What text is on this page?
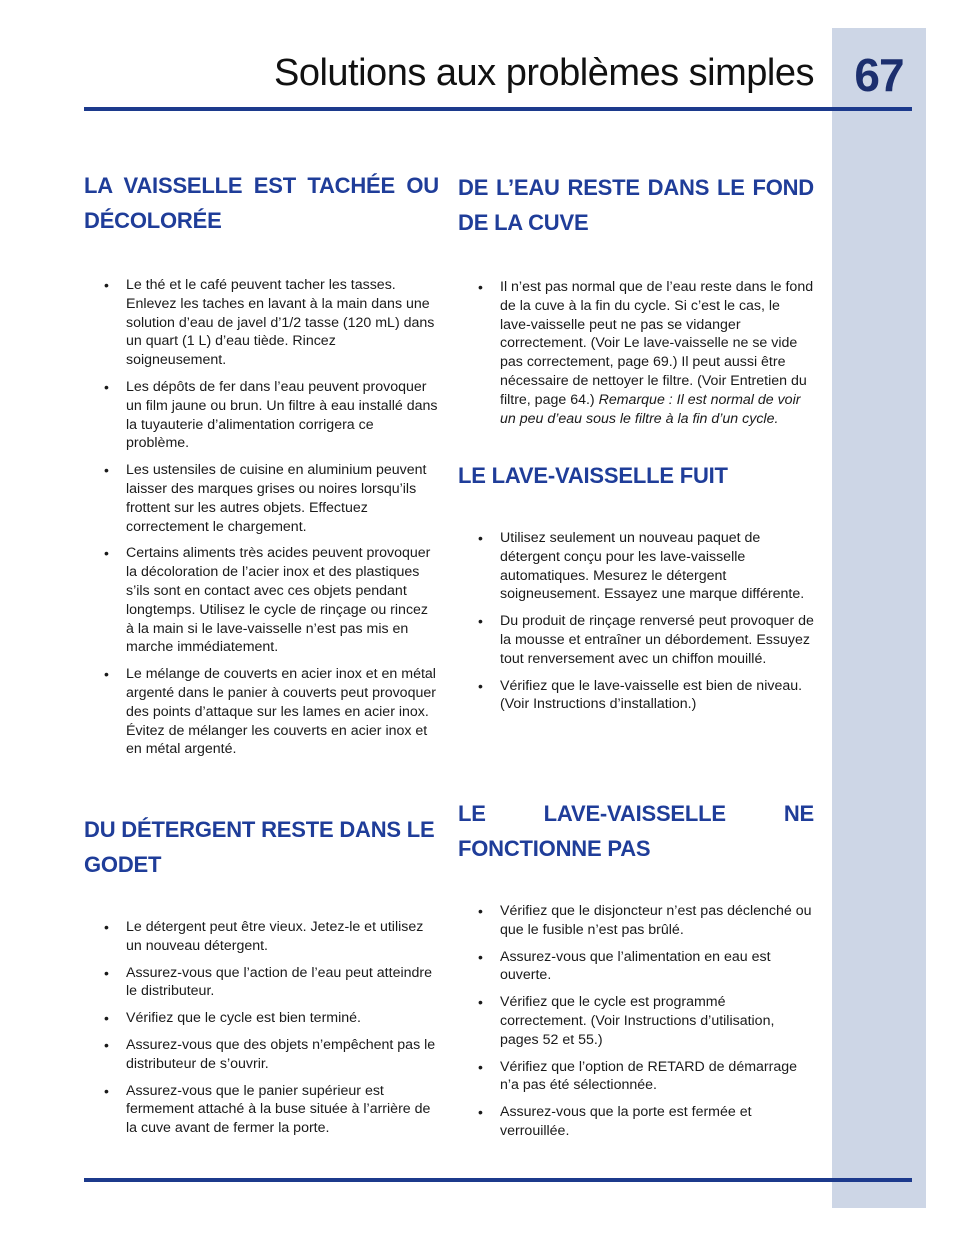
67
Solutions aux problèmes simples
LA VAISSELLE EST TACHÉE OU DÉCOLORÉE
• Le thé et le café peuvent tacher les tasses. Enlevez les taches en lavant à la main dans une solution d’eau de javel d’1/2 tasse (120 mL) dans un quart (1 L) d’eau tiède. Rincez soigneusement.
• Les dépôts de fer dans l’eau peuvent provoquer un film jaune ou brun. Un filtre à eau installé dans la tuyauterie d’alimentation corrigera ce problème.
• Les ustensiles de cuisine en aluminium peuvent laisser des marques grises ou noires lorsqu’ils frottent sur les autres objets. Effectuez correctement le chargement.
• Certains aliments très acides peuvent provoquer la décoloration de l’acier inox et des plastiques s’ils sont en contact avec ces objets pendant longtemps. Utilisez le cycle de rinçage ou rincez à la main si le lave-vaisselle n’est pas mis en marche immédiatement.
• Le mélange de couverts en acier inox et en métal argenté dans le panier à couverts peut provoquer des points d’attaque sur les lames en acier inox. Évitez de mélanger les couverts en acier inox et en métal argenté.
DU DÉTERGENT RESTE DANS LE GODET
• Le détergent peut être vieux. Jetez-le et utilisez un nouveau détergent.
• Assurez-vous que l’action de l’eau peut atteindre le distributeur.
• Vérifiez que le cycle est bien terminé.
• Assurez-vous que des objets n’empêchent pas le distributeur de s’ouvrir.
• Assurez-vous que le panier supérieur est fermement attaché à la buse située à l’arrière de la cuve avant de fermer la porte.
DE L’EAU RESTE DANS LE FOND DE LA CUVE
• Il n’est pas normal que de l’eau reste dans le fond de la cuve à la fin du cycle. Si c’est le cas, le lave-vaisselle peut ne pas se vidanger correctement. (Voir Le lave-vaisselle ne se vide pas correctement, page 69.) Il peut aussi être nécessaire de nettoyer le filtre. (Voir Entretien du filtre, page 64.) Remarque : Il est normal de voir un peu d’eau sous le filtre à la fin d’un cycle.
LE LAVE-VAISSELLE FUIT
• Utilisez seulement un nouveau paquet de détergent conçu pour les lave-vaisselle automatiques. Mesurez le détergent soigneusement. Essayez une marque différente.
• Du produit de rinçage renversé peut provoquer de la mousse et entraîner un débordement. Essuyez tout renversement avec un chiffon mouillé.
• Vérifiez que le lave-vaisselle est bien de niveau. (Voir Instructions d’installation.)
LE LAVE-VAISSELLE NE FONCTIONNE PAS
• Vérifiez que le disjoncteur n’est pas déclenché ou que le fusible n’est pas brûlé.
• Assurez-vous que l’alimentation en eau est ouverte.
• Vérifiez que le cycle est programmé correctement. (Voir Instructions d’utilisation, pages 52 et 55.)
• Vérifiez que l’option de RETARD de démarrage n’a pas été sélectionnée.
• Assurez-vous que la porte est fermée et verrouillée.
